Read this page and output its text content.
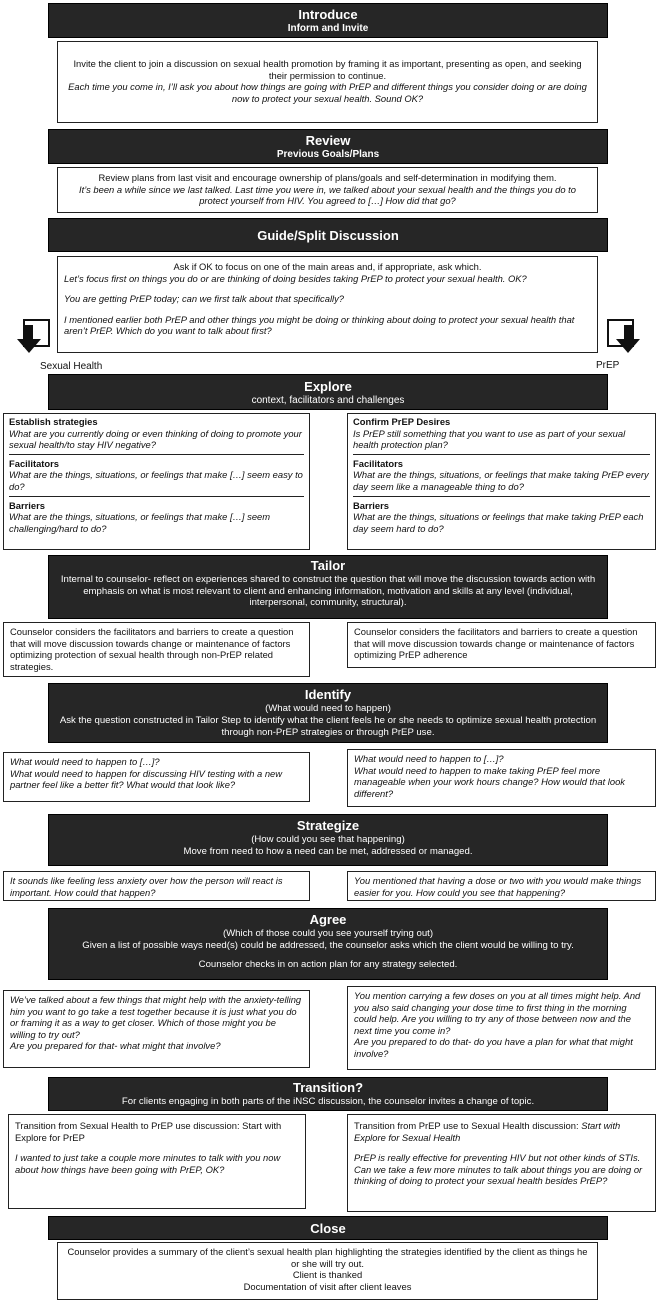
Introduce
Inform and Invite
Invite the client to join a discussion on sexual health promotion by framing it as important, presenting as open, and seeking their permission to continue.
Each time you come in, I’ll ask you about how things are going with PrEP and different things you consider doing or are doing now to protect your sexual health. Sound OK?
Review
Previous Goals/Plans
Review plans from last visit and encourage ownership of plans/goals and self-determination in modifying them.
It’s been a while since we last talked. Last time you were in, we talked about your sexual health and the things you do to protect yourself from HIV. You agreed to […] How did that go?
Guide/Split Discussion
Ask if OK to focus on one of the main areas and, if appropriate, ask which.
Let’s focus first on things you do or are thinking of doing besides taking PrEP to protect your sexual health. OK?
You are getting PrEP today; can we first talk about that specifically?
I mentioned earlier both PrEP and other things you might be doing or thinking about doing to protect your sexual health that aren’t PrEP. Which do you want to talk about first?
Sexual Health	PrEP
Explore
context, facilitators and challenges
Establish strategies
What are you currently doing or even thinking of doing to promote your sexual health/to stay HIV negative?
Facilitators
What are the things, situations, or feelings that make […] seem easy to do?
Barriers
What are the things, situations, or feelings that make […] seem challenging/hard to do?
Confirm PrEP Desires
Is PrEP still something that you want to use as part of your sexual health protection plan?
Facilitators
What are the things, situations, or feelings that make taking PrEP every day seem like a manageable thing to do?
Barriers
What are the things, situations or feelings that make taking PrEP each day seem hard to do?
Tailor
Internal to counselor- reflect on experiences shared to construct the question that will move the discussion towards action with emphasis on what is most relevant to client and enhancing information, motivation and skills at any level (individual, interpersonal, community, structural).
Counselor considers the facilitators and barriers to create a question that will move discussion towards change or maintenance of factors optimizing protection of sexual health through non-PrEP related strategies.
Counselor considers the facilitators and barriers to create a question that will move discussion towards change or maintenance of factors optimizing PrEP adherence
Identify
(What would need to happen)
Ask the question constructed in Tailor Step to identify what the client feels he or she needs to optimize sexual health protection through non-PrEP strategies or through PrEP use.
What would need to happen to […]?
What would need to happen for discussing HIV testing with a new partner feel like a better fit? What would that look like?
What would need to happen to […]?
What would need to happen to make taking PrEP feel more manageable when your work hours change? How would that look different?
Strategize
(How could you see that happening)
Move from need to how a need can be met, addressed or managed.
It sounds like feeling less anxiety over how the person will react is important. How could that happen?
You mentioned that having a dose or two with you would make things easier for you. How could you see that happening?
Agree
(Which of those could you see yourself trying out)
Given a list of possible ways need(s) could be addressed, the counselor asks which the client would be willing to try.
Counselor checks in on action plan for any strategy selected.
We’ve talked about a few things that might help with the anxiety-telling him you want to go take a test together because it is just what you do or framing it as a way to get closer. Which of those might you be willing to try out?
Are you prepared for that- what might that involve?
You mention carrying a few doses on you at all times might help. And you also said changing your dose time to first thing in the morning could help. Are you willing to try any of those between now and the next time you come in?
Are you prepared to do that- do you have a plan for what that might involve?
Transition?
For clients engaging in both parts of the iNSC discussion, the counselor invites a change of topic.
Transition from Sexual Health to PrEP use discussion: Start with Explore for PrEP
I wanted to just take a couple more minutes to talk with you now about how things have been going with PrEP, OK?
Transition from PrEP use to Sexual Health discussion: Start with Explore for Sexual Health
PrEP is really effective for preventing HIV but not other kinds of STIs. Can we take a few more minutes to talk about things you are doing or thinking of doing to protect your sexual health besides PrEP?
Close
Counselor provides a summary of the client’s sexual health plan highlighting the strategies identified by the client as things he or she will try out.
Client is thanked
Documentation of visit after client leaves
